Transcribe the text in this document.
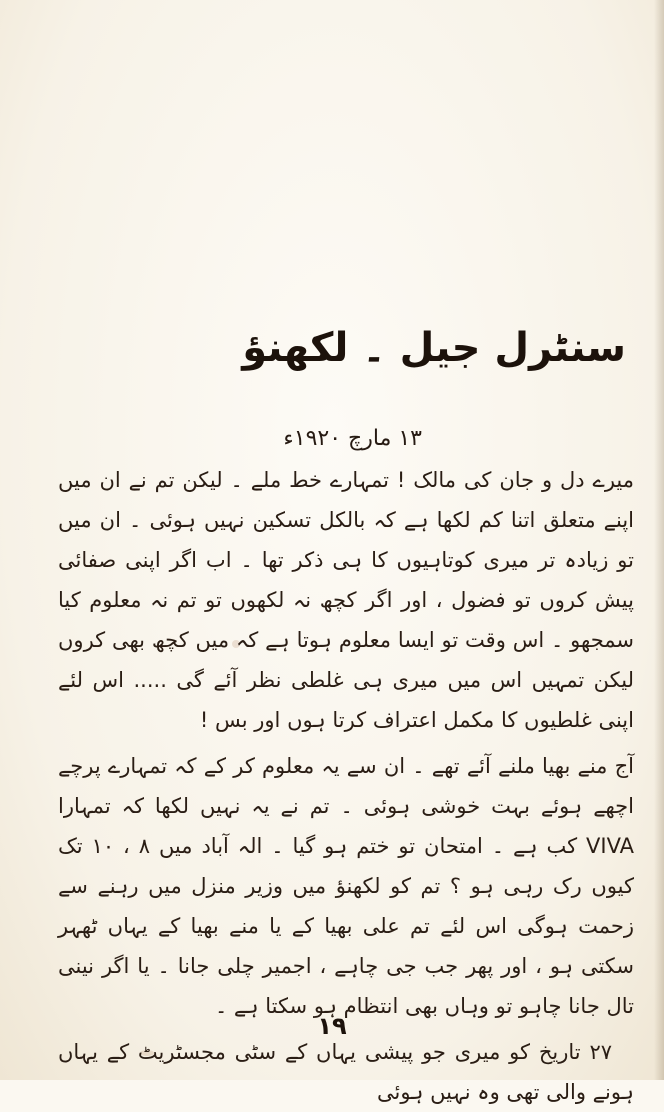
سنٹرل جیل ۔ لکھنؤ
۱۳ مارچ ۱۹۲۰ء

میرے دل و جان کی مالک ! تمہارے خط ملے ۔ لیکن تم نے ان میں اپنے متعلق اتنا کم لکھا ہے کہ بالکل تسکین نہیں ہوئی ۔ ان میں تو زیادہ تر میری کوتاہیوں کا ہی ذکر تھا ۔ اب اگر اپنی صفائی پیش کروں تو فضول ، اور اگر کچھ نہ لکھوں تو تم نہ معلوم کیا سمجھو ۔ اس وقت تو ایسا معلوم ہوتا ہے کہ میں کچھ بھی کروں لیکن تمہیں اس میں میری ہی غلطی نظر آئے گی ..... اس لئے اپنی غلطیوں کا مکمل اعتراف کرتا ہوں اور بس !

آج منے بھیا ملنے آئے تھے ۔ ان سے یہ معلوم کر کے کہ تمہارے پرچے اچھے ہوئے بہت خوشی ہوئی ۔ تم نے یہ نہیں لکھا کہ تمہارا VIVA کب ہے ۔ امتحان تو ختم ہو گیا ۔ الہ آباد میں ۸ ، ۱۰ تک کیوں رک رہی ہو ؟ تم کو لکھنؤ میں وزیر منزل میں رہنے سے زحمت ہوگی اس لئے تم علی بھیا کے یا منے بھیا کے یہاں ٹھہر سکتی ہو ، اور پھر جب جی چاہے ، اجمیر چلی جانا ۔ یا اگر نینی تال جانا چاہو تو وہاں بھی انتظام ہو سکتا ہے ۔

۲۷ تاریخ کو میری جو پیشی یہاں کے سٹی مجسٹریٹ کے یہاں ہونے والی تھی وہ نہیں ہوئی

۱۹
